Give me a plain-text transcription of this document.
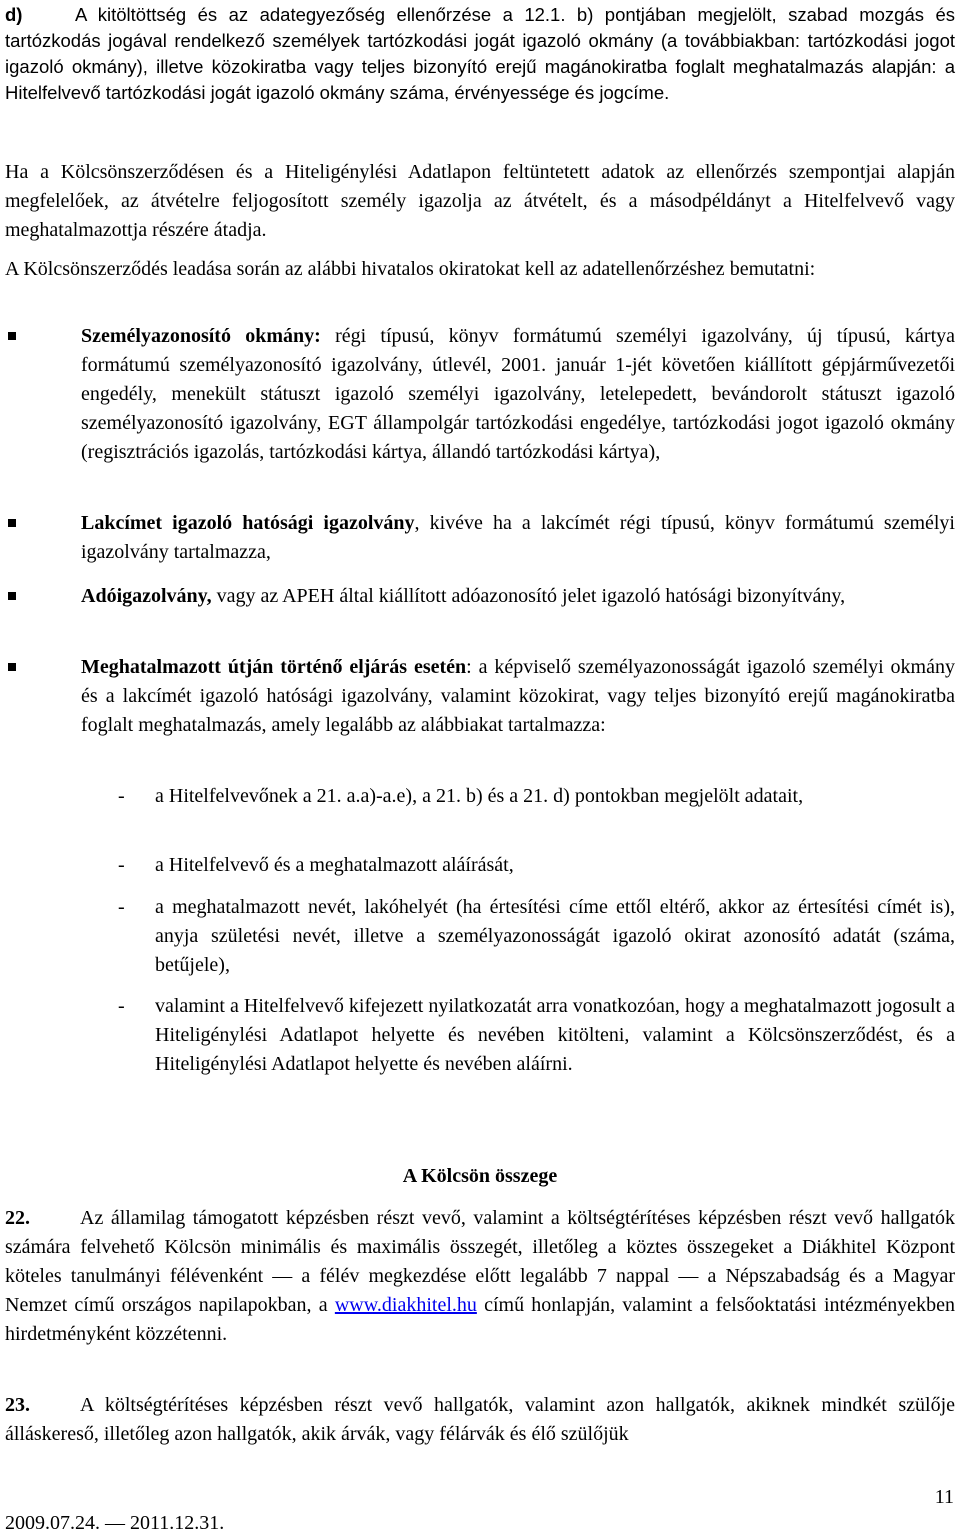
d)	A kitöltöttség és az adategyezőség ellenőrzése a 12.1. b) pontjában megjelölt, szabad mozgás és tartózkodás jogával rendelkező személyek tartózkodási jogát igazoló okmány (a továbbiakban: tartózkodási jogot igazoló okmány), illetve közokiratba vagy teljes bizonyító erejű magánokiratba foglalt meghatalmazás alapján: a Hitelfelvevő tartózkodási jogát igazoló okmány száma, érvényessége és jogcíme.

Ha a Kölcsönszerződésen és a Hiteligénylési Adatlapon feltüntetett adatok az ellenőrzés szempontjai alapján megfelelőek, az átvételre feljogosított személy igazolja az átvételt, és a másodpéldányt a Hitelfelvevő vagy meghatalmazottja részére átadja.

A Kölcsönszerződés leadása során az alábbi hivatalos okiratokat kell az adatellenőrzéshez bemutatni:

Személyazonosító okmány: régi típusú, könyv formátumú személyi igazolvány, új típusú, kártya formátumú személyazonosító igazolvány, útlevél, 2001. január 1-jét követően kiállított gépjárművezetői engedély, menekült státuszt igazoló személyi igazolvány, letelepedett, bevándorolt státuszt igazoló személyazonosító igazolvány, EGT állampolgár tartózkodási engedélye, tartózkodási jogot igazoló okmány (regisztrációs igazolás, tartózkodási kártya, állandó tartózkodási kártya),
Lakcímet igazoló hatósági igazolvány, kivéve ha a lakcímét régi típusú, könyv formátumú személyi igazolvány tartalmazza,
Adóigazolvány, vagy az APEH által kiállított adóazonosító jelet igazoló hatósági bizonyítvány,
Meghatalmazott útján történő eljárás esetén: a képviselő személyazonosságát igazoló személyi okmány és a lakcímét igazoló hatósági igazolvány, valamint közokirat, vagy teljes bizonyító erejű magánokiratba foglalt meghatalmazás, amely legalább az alábbiakat tartalmazza:
- a Hitelfelvevőnek a 21. a.a)-a.e), a 21. b) és a 21. d) pontokban megjelölt adatait,
- a Hitelfelvevő és a meghatalmazott aláírását,
- a meghatalmazott nevét, lakóhelyét (ha értesítési címe ettől eltérő, akkor az értesítési címét is), anyja születési nevét, illetve a személyazonosságát igazoló okirat azonosító adatát (száma, betűjele),
- valamint a Hitelfelvevő kifejezett nyilatkozatát arra vonatkozóan, hogy a meghatalmazott jogosult a Hiteligénylési Adatlapot helyette és nevében kitölteni, valamint a Kölcsönszerződést, és a Hiteligénylési Adatlapot helyette és nevében aláírni.
A Kölcsön összege

22.	Az államilag támogatott képzésben részt vevő, valamint a költségtérítéses képzésben részt vevő hallgatók számára felvehető Kölcsön minimális és maximális összegét, illetőleg a köztes összegeket a Diákhitel Központ köteles tanulmányi félévenként — a félév megkezdése előtt legalább 7 nappal — a Népszabadság és a Magyar Nemzet című országos napilapokban, a www.diakhitel.hu című honlapján, valamint a felsőoktatási intézményekben hirdetményként közzétenni.

23.	A költségtérítéses képzésben részt vevő hallgatók, valamint azon hallgatók, akiknek mindkét szülője álláskereső, illetőleg azon hallgatók, akik árvák, vagy félárvák és élő szülőjük

11
2009.07.24. — 2011.12.31.
